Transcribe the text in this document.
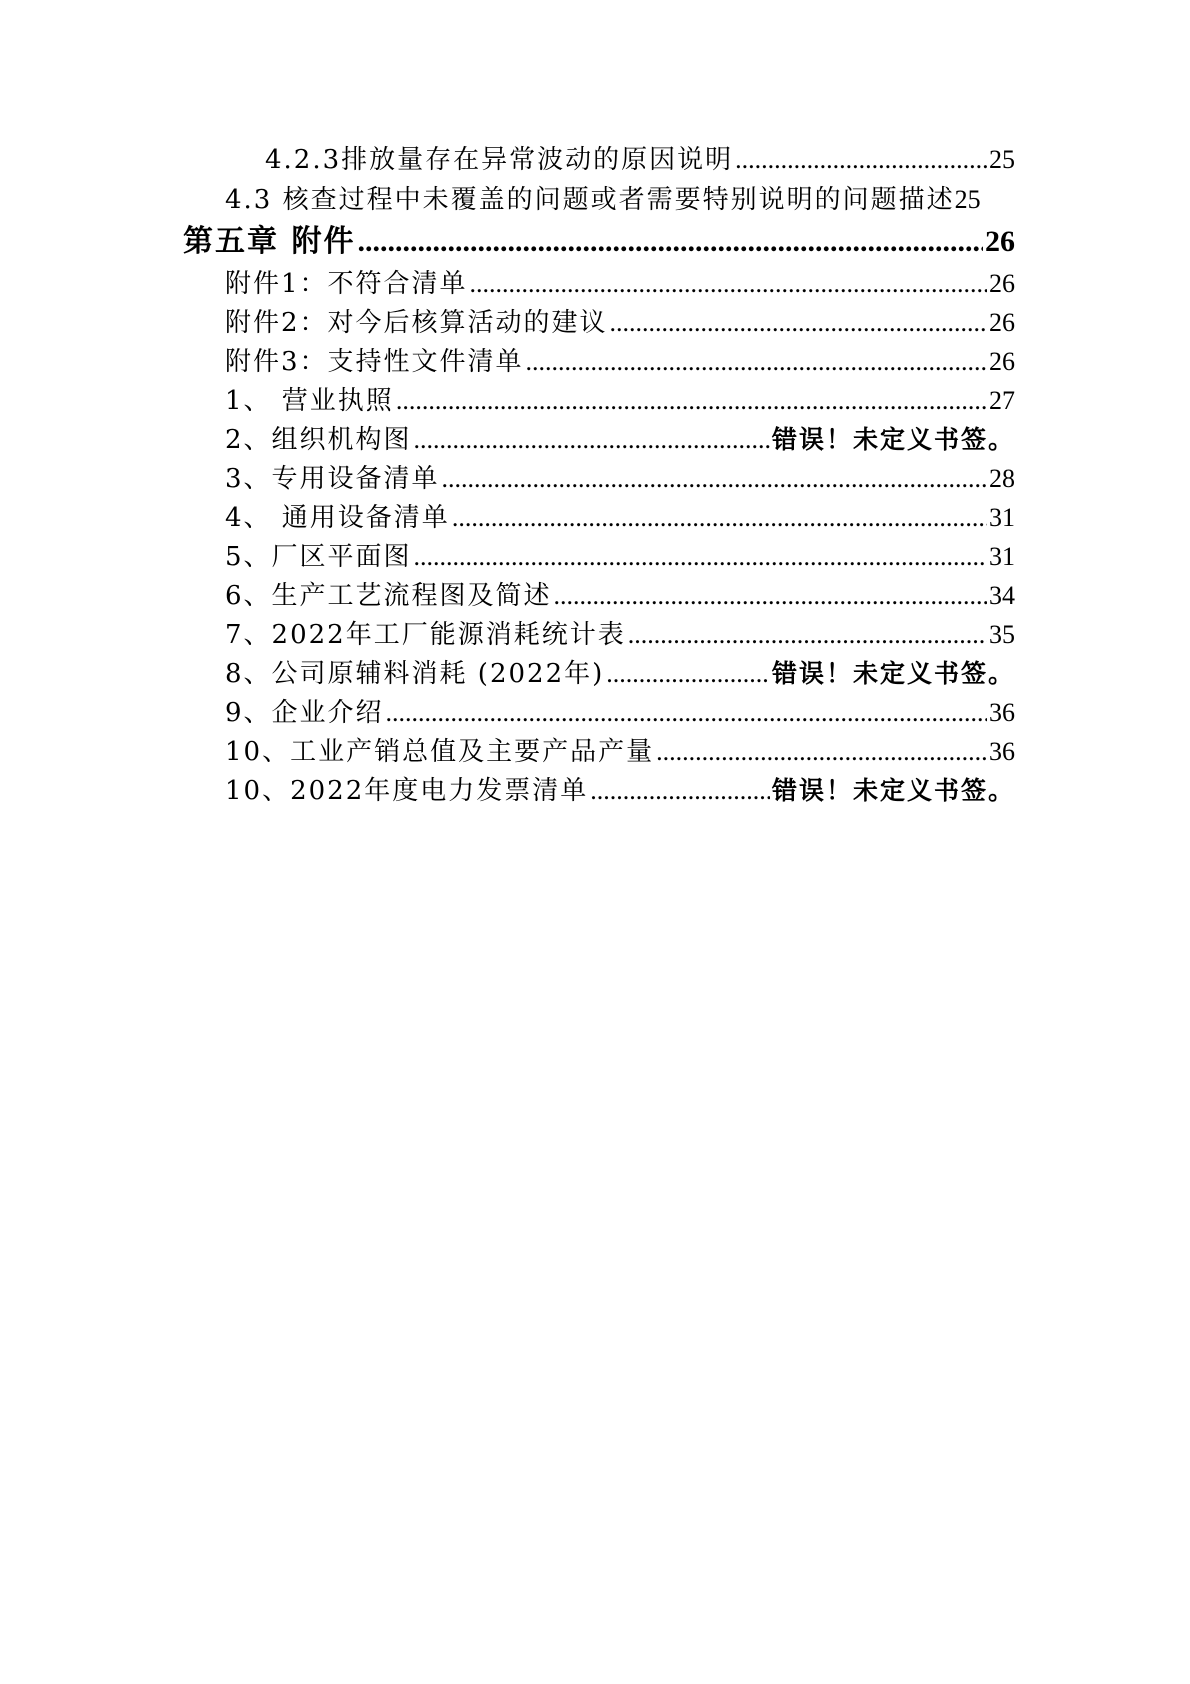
4.2.3排放量存在异常波动的原因说明 .....	25
4.3 核查过程中未覆盖的问题或者需要特别说明的问题描述 25
第五章 附件 .....	26
附件1：不符合清单 .....	26
附件2：对今后核算活动的建议 .....	26
附件3：支持性文件清单 .....	26
1、 营业执照 .....	27
2、组织机构图 .....	错误！未定义书签。
3、专用设备清单 .....	28
4、 通用设备清单 .....	31
5、厂区平面图 .....	31
6、生产工艺流程图及简述 .....	34
7、2022年工厂能源消耗统计表 .....	35
8、公司原辅料消耗 (2022年) .....	错误！未定义书签。
9、企业介绍 .....	36
10、工业产销总值及主要产品产量 .....	36
10、2022年度电力发票清单 .....	错误！未定义书签。
